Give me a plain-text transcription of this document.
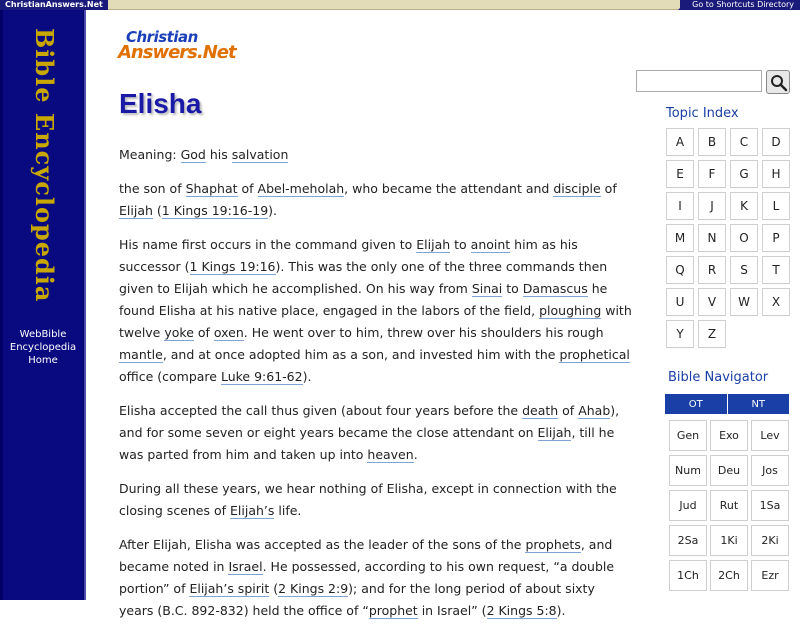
ChristianAnswers.Net	Go to Shortcuts Directory
Bible Encyclopedia
WebBible
Encyclopedia
Home
Christian
Answers.Net
Elisha

Meaning: God his salvation

the son of Shaphat of Abel-meholah, who became the attendant and disciple of Elijah (1 Kings 19:16-19).

His name first occurs in the command given to Elijah to anoint him as his successor (1 Kings 19:16). This was the only one of the three commands then given to Elijah which he accomplished. On his way from Sinai to Damascus he found Elisha at his native place, engaged in the labors of the field, ploughing with twelve yoke of oxen. He went over to him, threw over his shoulders his rough mantle, and at once adopted him as a son, and invested him with the prophetical office (compare Luke 9:61-62).

Elisha accepted the call thus given (about four years before the death of Ahab), and for some seven or eight years became the close attendant on Elijah, till he was parted from him and taken up into heaven.

During all these years, we hear nothing of Elisha, except in connection with the closing scenes of Elijah’s life.

After Elijah, Elisha was accepted as the leader of the sons of the prophets, and became noted in Israel. He possessed, according to his own request, “a double portion” of Elijah’s spirit (2 Kings 2:9); and for the long period of about sixty years (B.C. 892-832) held the office of “prophet in Israel” (2 Kings 5:8).

Topic Index
A	B	C	D
E	F	G	H
I	J	K	L
M	N	O	P
Q	R	S	T
U	V	W	X
Y	Z
Bible Navigator
OT	NT
Gen	Exo	Lev
Num	Deu	Jos
Jud	Rut	1Sa
2Sa	1Ki	2Ki
1Ch	2Ch	Ezr
